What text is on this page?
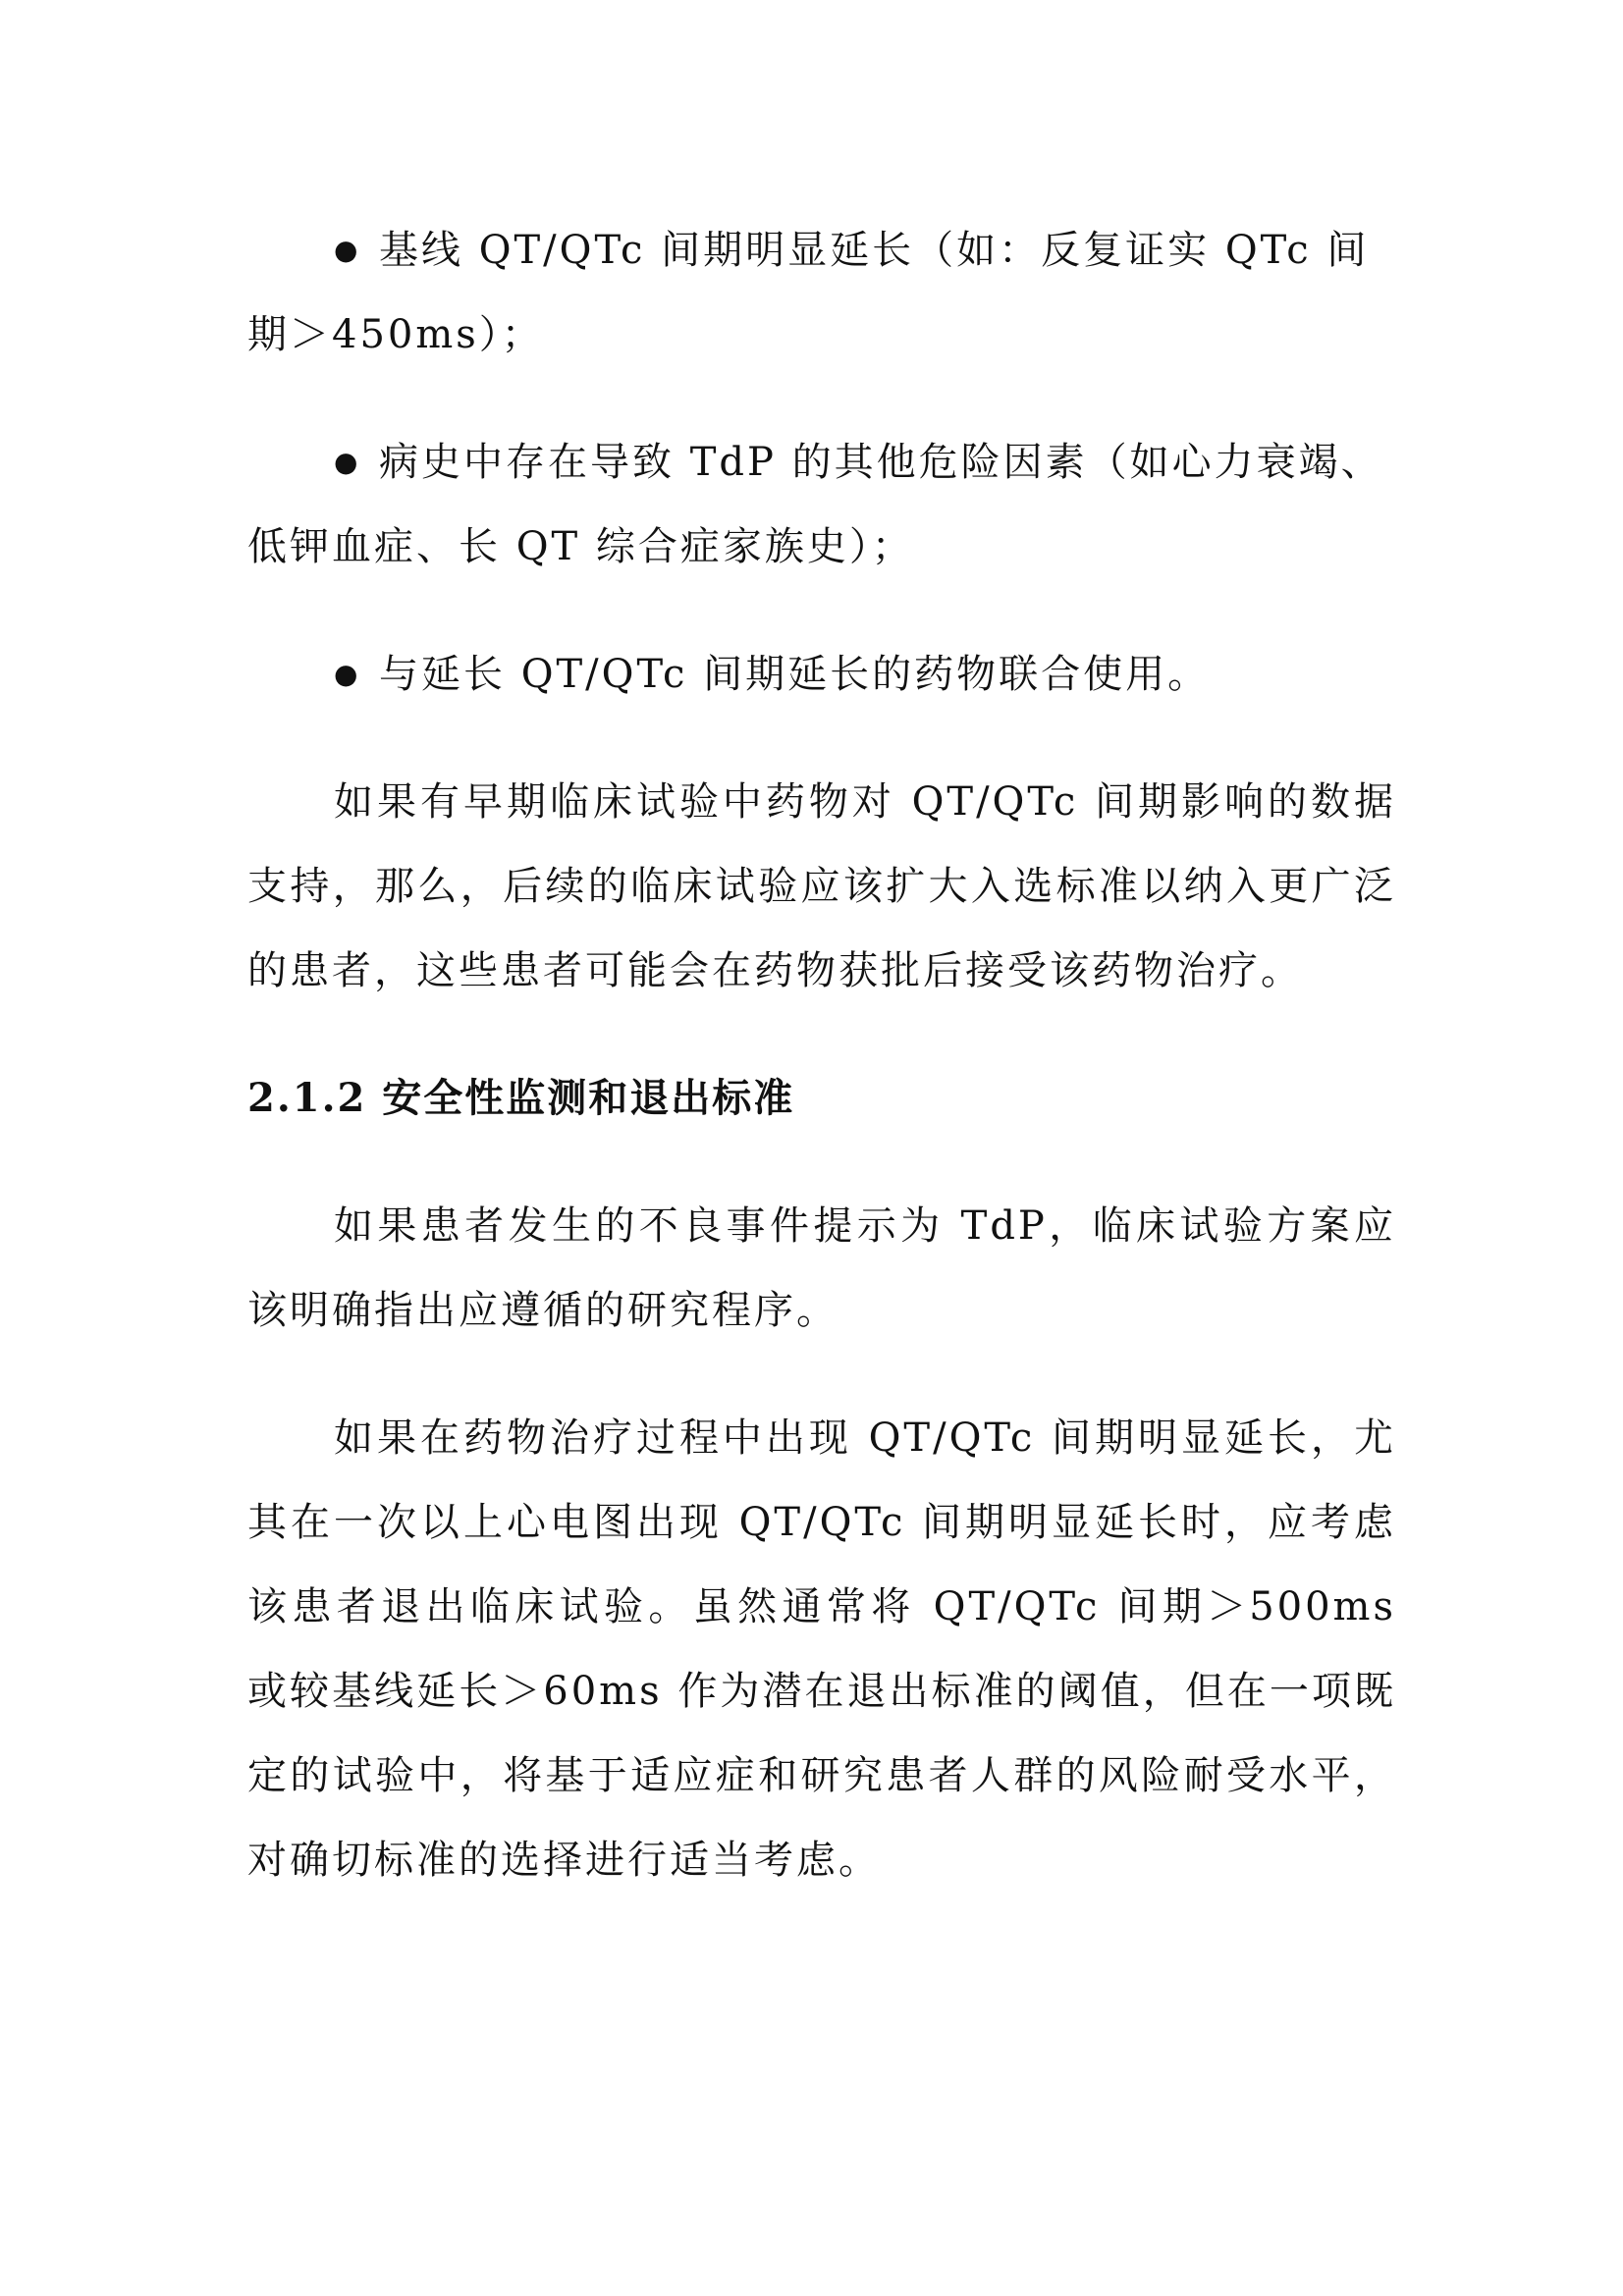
● 基线 QT/QTc 间期明显延长（如：反复证实 QTc 间期＞450ms）；

● 病史中存在导致 TdP 的其他危险因素（如心力衰竭、低钾血症、长 QT 综合症家族史）；

● 与延长 QT/QTc 间期延长的药物联合使用。

如果有早期临床试验中药物对 QT/QTc 间期影响的数据支持，那么，后续的临床试验应该扩大入选标准以纳入更广泛的患者，这些患者可能会在药物获批后接受该药物治疗。

2.1.2 安全性监测和退出标准

如果患者发生的不良事件提示为 TdP，临床试验方案应该明确指出应遵循的研究程序。

如果在药物治疗过程中出现 QT/QTc 间期明显延长，尤其在一次以上心电图出现 QT/QTc 间期明显延长时，应考虑该患者退出临床试验。虽然通常将 QT/QTc 间期＞500ms 或较基线延长＞60ms 作为潜在退出标准的阈值，但在一项既定的试验中，将基于适应症和研究患者人群的风险耐受水平，对确切标准的选择进行适当考虑。
